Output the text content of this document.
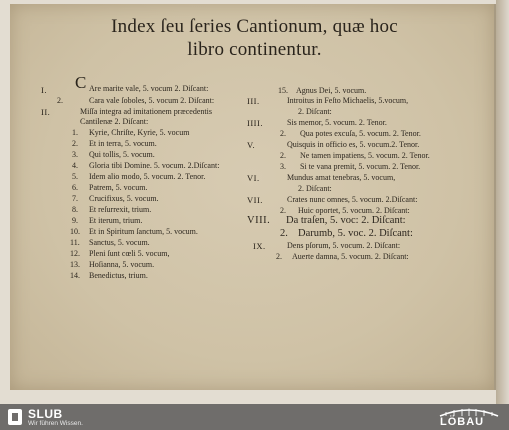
Index ſeu ſeries Cantionum, quæ hoc
libro continentur.
C
I.	Are marite vale, 5. vocum 2. Diſcant:
2.	Cara vale ſoboles, 5. vocum 2. Diſcant:
II.	Miſſa integra ad imitationem præcedentis
Cantilenæ 2. Diſcant:
1. Kyrie, Chriſte, Kyrie, 5. vocum
2. Et in terra, 5. vocum.
3. Qui tollis, 5. vocum.
4. Gloria tibi Domine. 5. vocum. 2.Diſcant:
5. Idem alio modo, 5. vocum. 2. Tenor.
6. Patrem, 5. vocum.
7. Crucifixus, 5. vocum.
8. Et reſurrexit, trium.
9. Et iterum, trium.
10. Et in Spiritum ſanctum, 5. vocum.
11. Sanctus, 5. vocum.
12. Pleni ſunt cœli 5. vocum,
13. Hoſianna, 5. vocum.
14. Benedictus, trium.
15. Agnus Dei, 5. vocum.
III.	Introitus in Feſto Michaelis, 5.vocum,
2. Diſcant:
IIII.	Sis memor, 5. vocum. 2. Tenor.
2. Qua potes excuſa, 5. vocum. 2. Tenor.
V.	Quisquis in officio es, 5. vocum.2. Tenor.
2. Ne tamen impatiens, 5. vocum. 2. Tenor.
3. Si te vana premit, 5. vocum. 2. Tenor.
VI.	Mundus amat tenebras, 5. vocum,
2. Diſcant:
VII.	Crates nunc omnes, 5. vocum. 2.Diſcant:
2. Huic oportet, 5. vocum. 2. Diſcant:
VIII. Da traſen, 5. voc: 2. Diſcant:
2. Darumb, 5. voc. 2. Diſcant:
IX.	Dens pſorum, 5. vocum. 2. Diſcant:
2. Auerte damna, 5. vocum. 2. Diſcant:
SLUB
Wir führen Wissen.	LÖBAU
